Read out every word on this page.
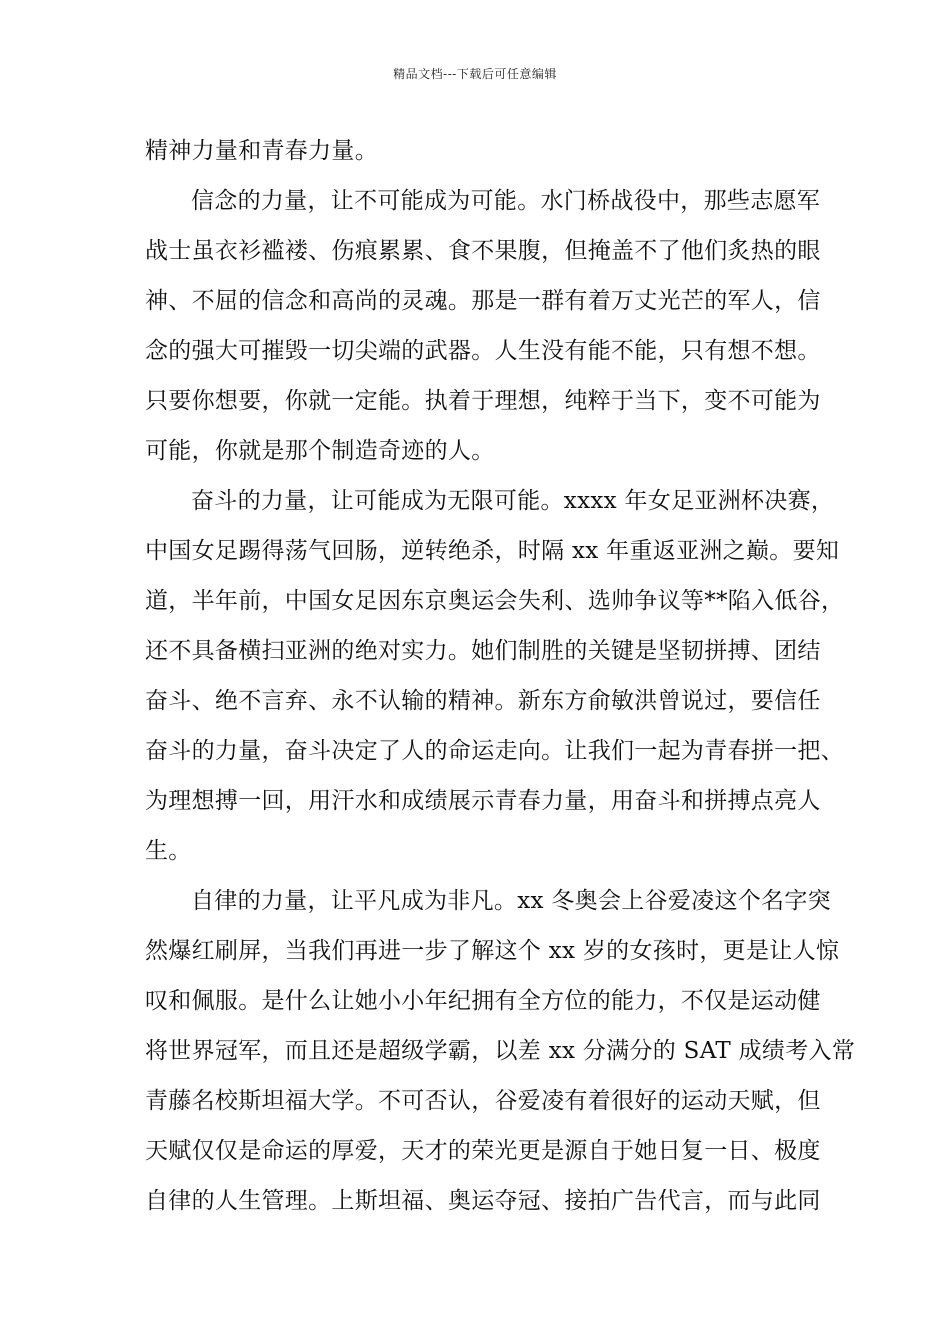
精品文档---下载后可任意编辑
精神力量和青春力量。
信念的力量，让不可能成为可能。水门桥战役中，那些志愿军
战士虽衣衫褴褛、伤痕累累、食不果腹，但掩盖不了他们炙热的眼
神、不屈的信念和高尚的灵魂。那是一群有着万丈光芒的军人，信
念的强大可摧毁一切尖端的武器。人生没有能不能，只有想不想。
只要你想要，你就一定能。执着于理想，纯粹于当下，变不可能为
可能，你就是那个制造奇迹的人。
奋斗的力量，让可能成为无限可能。xxxx 年女足亚洲杯决赛，
中国女足踢得荡气回肠，逆转绝杀，时隔 xx 年重返亚洲之巅。要知
道，半年前，中国女足因东京奥运会失利、选帅争议等**陷入低谷，
还不具备横扫亚洲的绝对实力。她们制胜的关键是坚韧拼搏、团结
奋斗、绝不言弃、永不认输的精神。新东方俞敏洪曾说过，要信任
奋斗的力量，奋斗决定了人的命运走向。让我们一起为青春拼一把、
为理想搏一回，用汗水和成绩展示青春力量，用奋斗和拼搏点亮人
生。
自律的力量，让平凡成为非凡。xx 冬奥会上谷爱凌这个名字突
然爆红刷屏，当我们再进一步了解这个 xx 岁的女孩时，更是让人惊
叹和佩服。是什么让她小小年纪拥有全方位的能力，不仅是运动健
将世界冠军，而且还是超级学霸，以差 xx 分满分的 SAT 成绩考入常
青藤名校斯坦福大学。不可否认，谷爱凌有着很好的运动天赋，但
天赋仅仅是命运的厚爱，天才的荣光更是源自于她日复一日、极度
自律的人生管理。上斯坦福、奥运夺冠、接拍广告代言，而与此同
